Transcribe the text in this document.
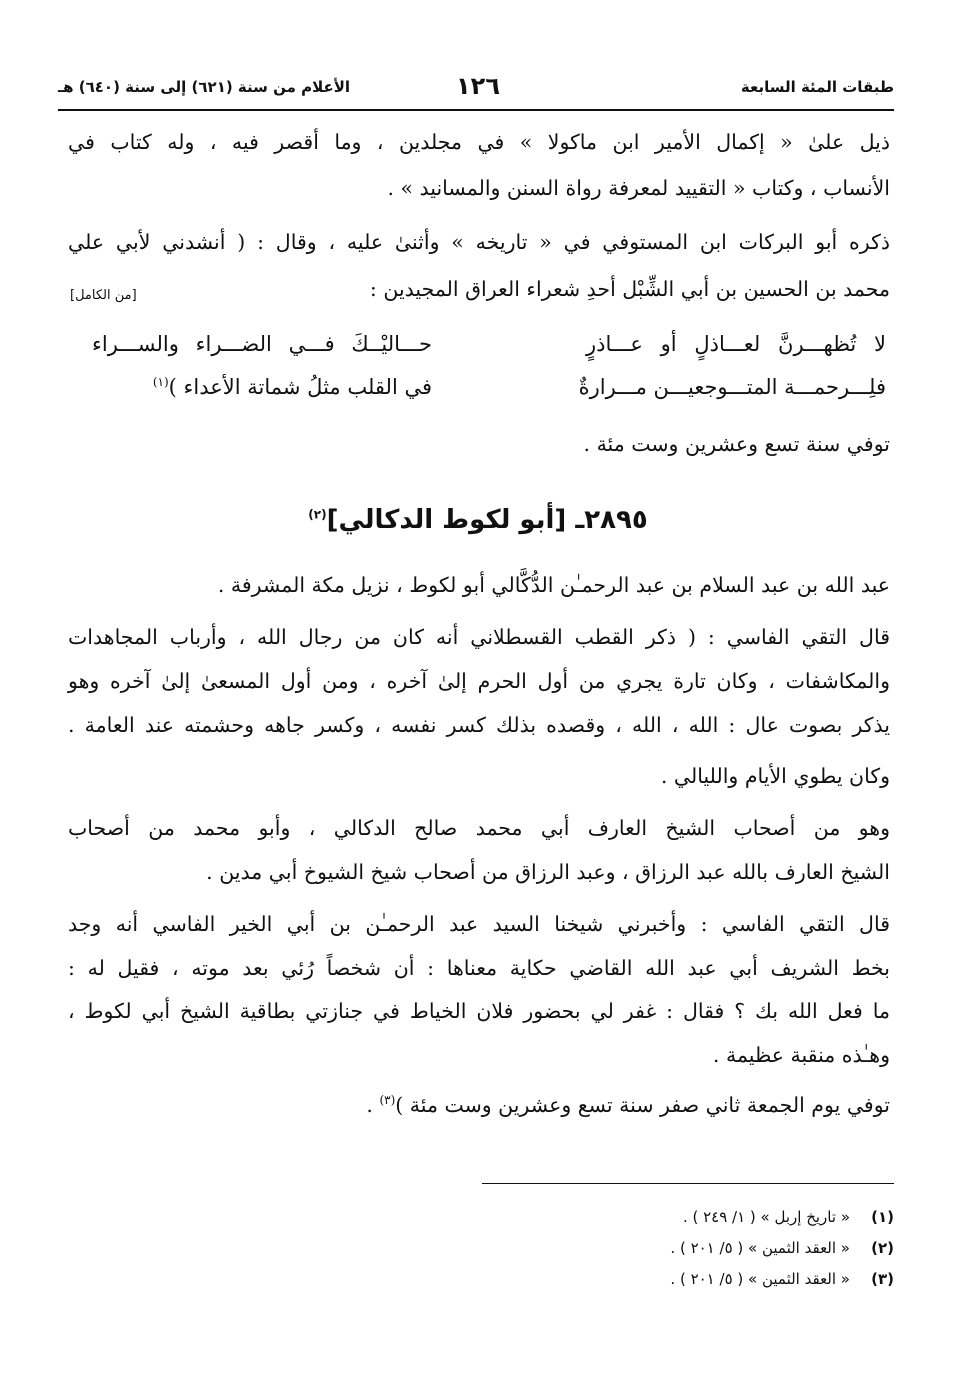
طبقات المئة السابعة
١٢٦
الأعلام من سنة (٦٢١) إلى سنة (٦٤٠) هـ
ذيل علىٰ « إكمال الأمير ابن ماكولا » في مجلدين ، وما أقصر فيه ، وله كتاب في
الأنساب ، وكتاب « التقييد لمعرفة رواة السنن والمسانيد » .
ذكره أبو البركات ابن المستوفي في « تاريخه » وأثنىٰ عليه ، وقال : ( أنشدني لأبي علي
محمد بن الحسين بن أبي الشِّبْل أحدِ شعراء العراق المجيدين :
[من الكامل]
لا تُظهـــرنَّ لعـــاذلٍ أو عـــاذرٍ
حـــاليْــكَ فـــي الضـــراء والســـراء
فلِـــرحمـــة المتـــوجعيـــن مـــرارةٌ
في القلب مثلُ شماتة الأعداء )$^{(١)}$
توفي سنة تسع وعشرين وست مئة .
٢٨٩٥ـ [أبو لكوط الدكالي]$^{(٢)}$
عبد الله بن عبد السلام بن عبد الرحمـٰن الدُّكَّالي أبو لكوط ، نزيل مكة المشرفة .
قال التقي الفاسي : ( ذكر القطب القسطلاني أنه كان من رجال الله ، وأرباب المجاهدات
والمكاشفات ، وكان تارة يجري من أول الحرم إلىٰ آخره ، ومن أول المسعىٰ إلىٰ آخره وهو
يذكر بصوت عال : الله ، الله ، وقصده بذلك كسر نفسه ، وكسر جاهه وحشمته عند العامة .
وكان يطوي الأيام والليالي .
وهو من أصحاب الشيخ العارف أبي محمد صالح الدكالي ، وأبو محمد من أصحاب
الشيخ العارف بالله عبد الرزاق ، وعبد الرزاق من أصحاب شيخ الشيوخ أبي مدين .
قال التقي الفاسي : وأخبرني شيخنا السيد عبد الرحمـٰن بن أبي الخير الفاسي أنه وجد
بخط الشريف أبي عبد الله القاضي حكاية معناها : أن شخصاً رُئي بعد موته ، فقيل له :
ما فعل الله بك ؟ فقال : غفر لي بحضور فلان الخياط في جنازتي بطاقية الشيخ أبي لكوط ،
وهـٰذه منقبة عظيمة .
توفي يوم الجمعة ثاني صفر سنة تسع وعشرين وست مئة )$^{(٣)}$ .
(١)« تاريخ إربل » ( ١/ ٢٤٩ ) .
(٢)« العقد الثمين » ( ٥/ ٢٠١ ) .
(٣)« العقد الثمين » ( ٥/ ٢٠١ ) .
